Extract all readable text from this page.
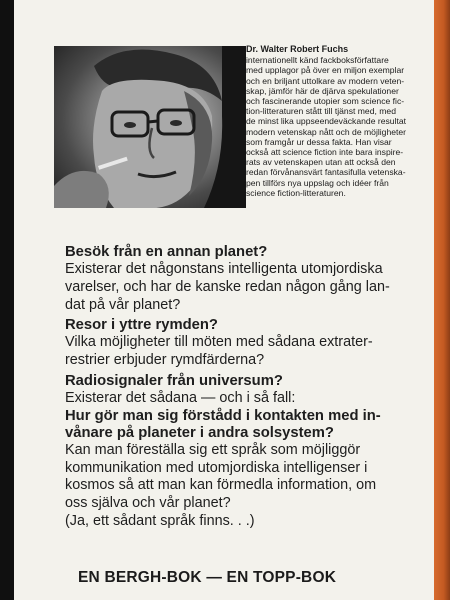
Dr. Walter Robert Fuchs
internationellt känd fackboksförfattare
med upplagor på över en miljon exemplar
och en briljant uttolkare av modern veten-
skap, jämför här de djärva spekulationer
och fascinerande utopier som science fic-
tion-litteraturen stått till tjänst med, med
de minst lika uppseendeväckande resultat
modern vetenskap nått och de möjligheter
som framgår ur dessa fakta. Han visar
också att science fiction inte bara inspire-
rats av vetenskapen utan att också den
redan förvånansvärt fantasifulla vetenska-
pen tillförs nya uppslag och idéer från
science fiction-litteraturen.
Besök från en annan planet?
Existerar det någonstans intelligenta utomjordiska
varelser, och har de kanske redan någon gång lan-
dat på vår planet?
Resor i yttre rymden?
Vilka möjligheter till möten med sådana extrater-
restrier erbjuder rymdfärderna?
Radiosignaler från universum?
Existerar det sådana — och i så fall:
Hur gör man sig förstådd i kontakten med in-
vånare på planeter i andra solsystem?
Kan man föreställa sig ett språk som möjliggör
kommunikation med utomjordiska intelligenser i
kosmos så att man kan förmedla information, om
oss själva och vår planet?
(Ja, ett sådant språk finns. . .)
EN BERGH-BOK — EN TOPP-BOK
